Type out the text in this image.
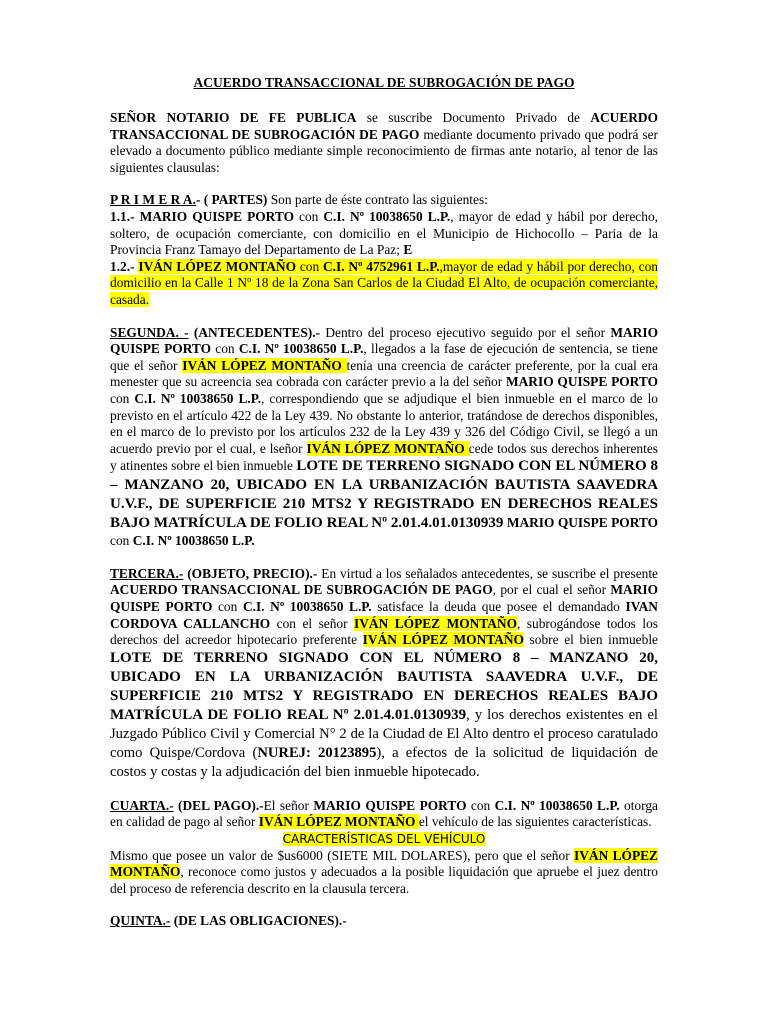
ACUERDO TRANSACCIONAL DE SUBROGACIÓN DE PAGO

SEÑOR NOTARIO DE FE PUBLICA se suscribe Documento Privado de ACUERDO TRANSACCIONAL DE SUBROGACIÓN DE PAGO mediante documento privado que podrá ser elevado a documento público mediante simple reconocimiento de firmas ante notario, al tenor de las siguientes clausulas:

P R I M E R A.- ( PARTES) Son parte de éste contrato las siguientes:

1.1.- MARIO QUISPE PORTO con C.I. Nº 10038650 L.P., mayor de edad y hábil por derecho, soltero, de ocupación comerciante, con domicilio en el Municipio de Hichocollo – Paria de la Provincia Franz Tamayo del Departamento de La Paz; E

1.2.- IVÁN LÓPEZ MONTAÑO con C.I. Nº 4752961 L.P.,mayor de edad y hábil por derecho, con domicilio en la Calle 1 Nº 18 de la Zona San Carlos de la Ciudad El Alto, de ocupación comerciante, casada.

SEGUNDA. - (ANTECEDENTES).- Dentro del proceso ejecutivo seguido por el señor MARIO QUISPE PORTO con C.I. Nº 10038650 L.P., llegados a la fase de ejecución de sentencia, se tiene que el señor IVÁN LÓPEZ MONTAÑO tenía una creencia de carácter preferente, por la cual era menester que su acreencia sea cobrada con carácter previo a la del señor MARIO QUISPE PORTO con C.I. Nº 10038650 L.P., correspondiendo que se adjudique el bien inmueble en el marco de lo previsto en el artículo 422 de la Ley 439. No obstante lo anterior, tratándose de derechos disponibles, en el marco de lo previsto por los artículos 232 de la Ley 439 y 326 del Código Civil, se llegó a un acuerdo previo por el cual, e lseñor IVÁN LÓPEZ MONTAÑO cede todos sus derechos inherentes y atinentes sobre el bien inmueble LOTE DE TERRENO SIGNADO CON EL NÚMERO 8 – MANZANO 20, UBICADO EN LA URBANIZACIÓN BAUTISTA SAAVEDRA U.V.F., DE SUPERFICIE 210 MTS2 Y REGISTRADO EN DERECHOS REALES BAJO MATRÍCULA DE FOLIO REAL Nº 2.01.4.01.0130939 MARIO QUISPE PORTO con C.I. Nº 10038650 L.P.

TERCERA.- (OBJETO, PRECIO).- En virtud a los señalados antecedentes, se suscribe el presente ACUERDO TRANSACCIONAL DE SUBROGACIÓN DE PAGO, por el cual el señor MARIO QUISPE PORTO con C.I. Nº 10038650 L.P. satisface la deuda que posee el demandado IVAN CORDOVA CALLANCHO con el señor IVÁN LÓPEZ MONTAÑO, subrogándose todos los derechos del acreedor hipotecario preferente IVÁN LÓPEZ MONTAÑO sobre el bien inmueble LOTE DE TERRENO SIGNADO CON EL NÚMERO 8 – MANZANO 20, UBICADO EN LA URBANIZACIÓN BAUTISTA SAAVEDRA U.V.F., DE SUPERFICIE 210 MTS2 Y REGISTRADO EN DERECHOS REALES BAJO MATRÍCULA DE FOLIO REAL Nº 2.01.4.01.0130939, y los derechos existentes en el Juzgado Público Civil y Comercial N° 2 de la Ciudad de El Alto dentro el proceso caratulado como Quispe/Cordova (NUREJ: 20123895), a efectos de la solicitud de liquidación de costos y costas y la adjudicación del bien inmueble hipotecado.

CUARTA.- (DEL PAGO).-El señor MARIO QUISPE PORTO con C.I. Nº 10038650 L.P. otorga en calidad de pago al señor IVÁN LÓPEZ MONTAÑO el vehículo de las siguientes características.

CARACTERÍSTICAS DEL VEHÍCULO

Mismo que posee un valor de $us6000 (SIETE MIL DOLARES), pero que el señor IVÁN LÓPEZ MONTAÑO, reconoce como justos y adecuados a la posible liquidación que apruebe el juez dentro del proceso de referencia descrito en la clausula tercera.

QUINTA.- (DE LAS OBLIGACIONES).-
